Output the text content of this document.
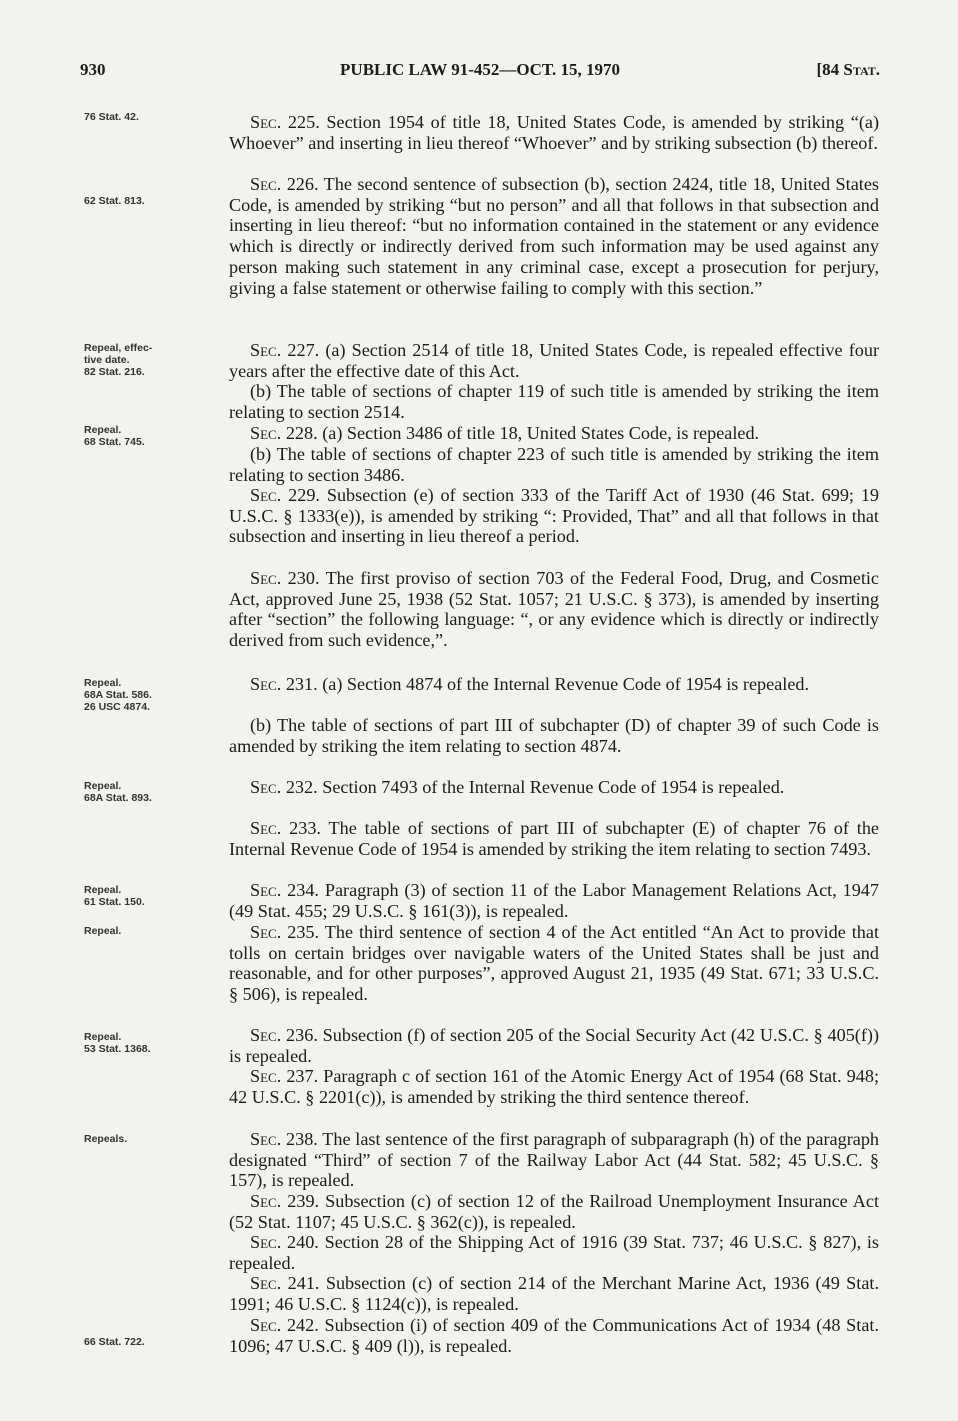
PUBLIC LAW 91-452—OCT. 15, 1970
930	[84 Stat.
76 Stat. 42.
62 Stat. 813.
Repeal, effec-
tive date.
82 Stat. 216.
Repeal.
68 Stat. 745.
Repeal.
68A Stat. 586.
26 USC 4874.
Repeal.
68A Stat. 893.
Repeal.
61 Stat. 150.
Repeal.
Repeal.
53 Stat. 1368.
Repeals.
66 Stat. 722.
Sec. 225. Section 1954 of title 18, United States Code, is amended by striking “(a) Whoever” and inserting in lieu thereof “Whoever” and by striking subsection (b) thereof.
Sec. 226. The second sentence of subsection (b), section 2424, title 18, United States Code, is amended by striking “but no person” and all that follows in that subsection and inserting in lieu thereof: “but no information contained in the statement or any evidence which is directly or indirectly derived from such information may be used against any person making such statement in any criminal case, except a prosecution for perjury, giving a false statement or otherwise failing to comply with this section.”
Sec. 227. (a) Section 2514 of title 18, United States Code, is repealed effective four years after the effective date of this Act.
(b) The table of sections of chapter 119 of such title is amended by striking the item relating to section 2514.
Sec. 228. (a) Section 3486 of title 18, United States Code, is repealed.
(b) The table of sections of chapter 223 of such title is amended by striking the item relating to section 3486.
Sec. 229. Subsection (e) of section 333 of the Tariff Act of 1930 (46 Stat. 699; 19 U.S.C. § 1333(e)), is amended by striking “: Provided, That” and all that follows in that subsection and inserting in lieu thereof a period.
Sec. 230. The first proviso of section 703 of the Federal Food, Drug, and Cosmetic Act, approved June 25, 1938 (52 Stat. 1057; 21 U.S.C. § 373), is amended by inserting after “section” the following language: “, or any evidence which is directly or indirectly derived from such evidence,”.
Sec. 231. (a) Section 4874 of the Internal Revenue Code of 1954 is repealed.
(b) The table of sections of part III of subchapter (D) of chapter 39 of such Code is amended by striking the item relating to section 4874.
Sec. 232. Section 7493 of the Internal Revenue Code of 1954 is repealed.
Sec. 233. The table of sections of part III of subchapter (E) of chapter 76 of the Internal Revenue Code of 1954 is amended by striking the item relating to section 7493.
Sec. 234. Paragraph (3) of section 11 of the Labor Management Relations Act, 1947 (49 Stat. 455; 29 U.S.C. § 161(3)), is repealed.
Sec. 235. The third sentence of section 4 of the Act entitled “An Act to provide that tolls on certain bridges over navigable waters of the United States shall be just and reasonable, and for other purposes”, approved August 21, 1935 (49 Stat. 671; 33 U.S.C. § 506), is repealed.
Sec. 236. Subsection (f) of section 205 of the Social Security Act (42 U.S.C. § 405(f)) is repealed.
Sec. 237. Paragraph c of section 161 of the Atomic Energy Act of 1954 (68 Stat. 948; 42 U.S.C. § 2201(c)), is amended by striking the third sentence thereof.
Sec. 238. The last sentence of the first paragraph of subparagraph (h) of the paragraph designated “Third” of section 7 of the Railway Labor Act (44 Stat. 582; 45 U.S.C. § 157), is repealed.
Sec. 239. Subsection (c) of section 12 of the Railroad Unemployment Insurance Act (52 Stat. 1107; 45 U.S.C. § 362(c)), is repealed.
Sec. 240. Section 28 of the Shipping Act of 1916 (39 Stat. 737; 46 U.S.C. § 827), is repealed.
Sec. 241. Subsection (c) of section 214 of the Merchant Marine Act, 1936 (49 Stat. 1991; 46 U.S.C. § 1124(c)), is repealed.
Sec. 242. Subsection (i) of section 409 of the Communications Act of 1934 (48 Stat. 1096; 47 U.S.C. § 409 (l)), is repealed.
